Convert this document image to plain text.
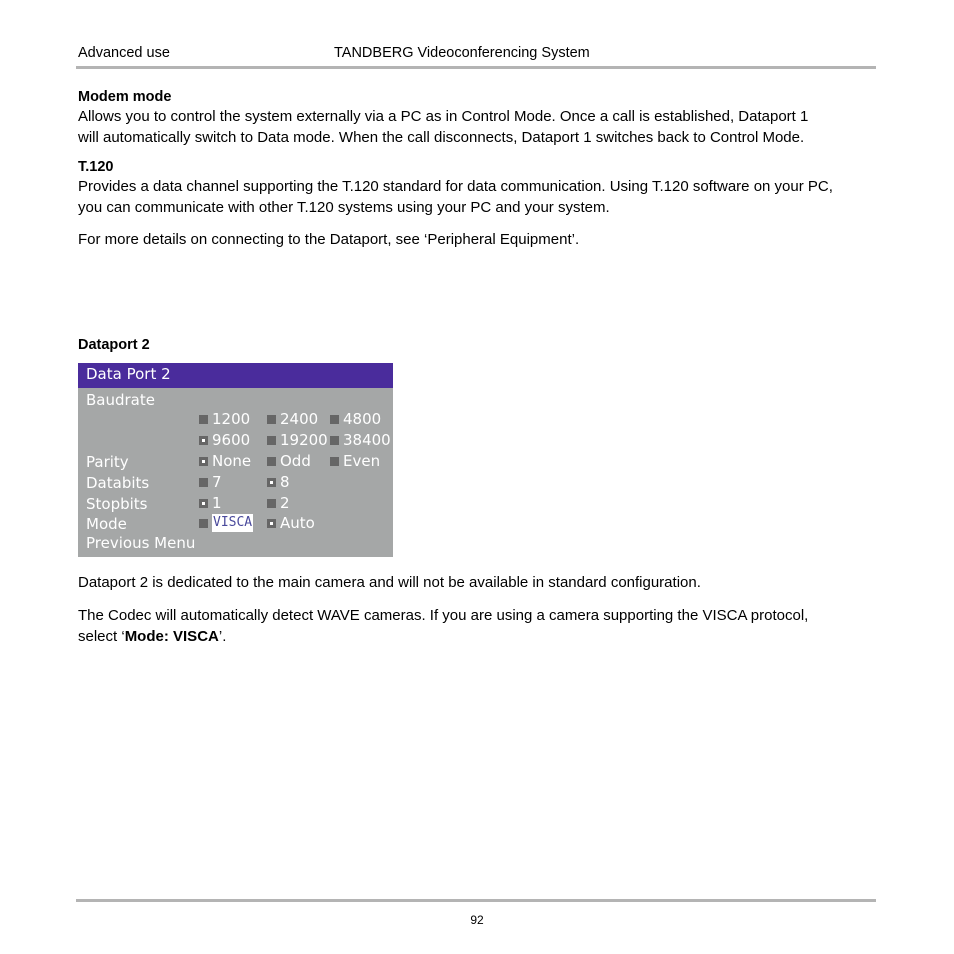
Advanced use	TANDBERG Videoconferencing System
Modem mode
Allows you to control the system externally via a PC as in Control Mode. Once a call is established, Dataport 1
will automatically switch to Data mode. When the call disconnects, Dataport 1 switches back to Control Mode.
T.120
Provides a data channel supporting the T.120 standard for data communication. Using T.120 software on your PC,
you can communicate with other T.120 systems using your PC and your system.
For more details on connecting to the Dataport, see ‘Peripheral Equipment’.
Dataport 2
Data Port 2
Baudrate
1200 2400 4800
9600 19200 38400
Parity	None Odd Even
Databits	7	8
Stopbits	1	2
Mode	VISCA Auto
Previous Menu
Dataport 2 is dedicated to the main camera and will not be available in standard configuration.
The Codec will automatically detect WAVE cameras. If you are using a camera supporting the VISCA protocol,
select ‘Mode: VISCA’.
92
